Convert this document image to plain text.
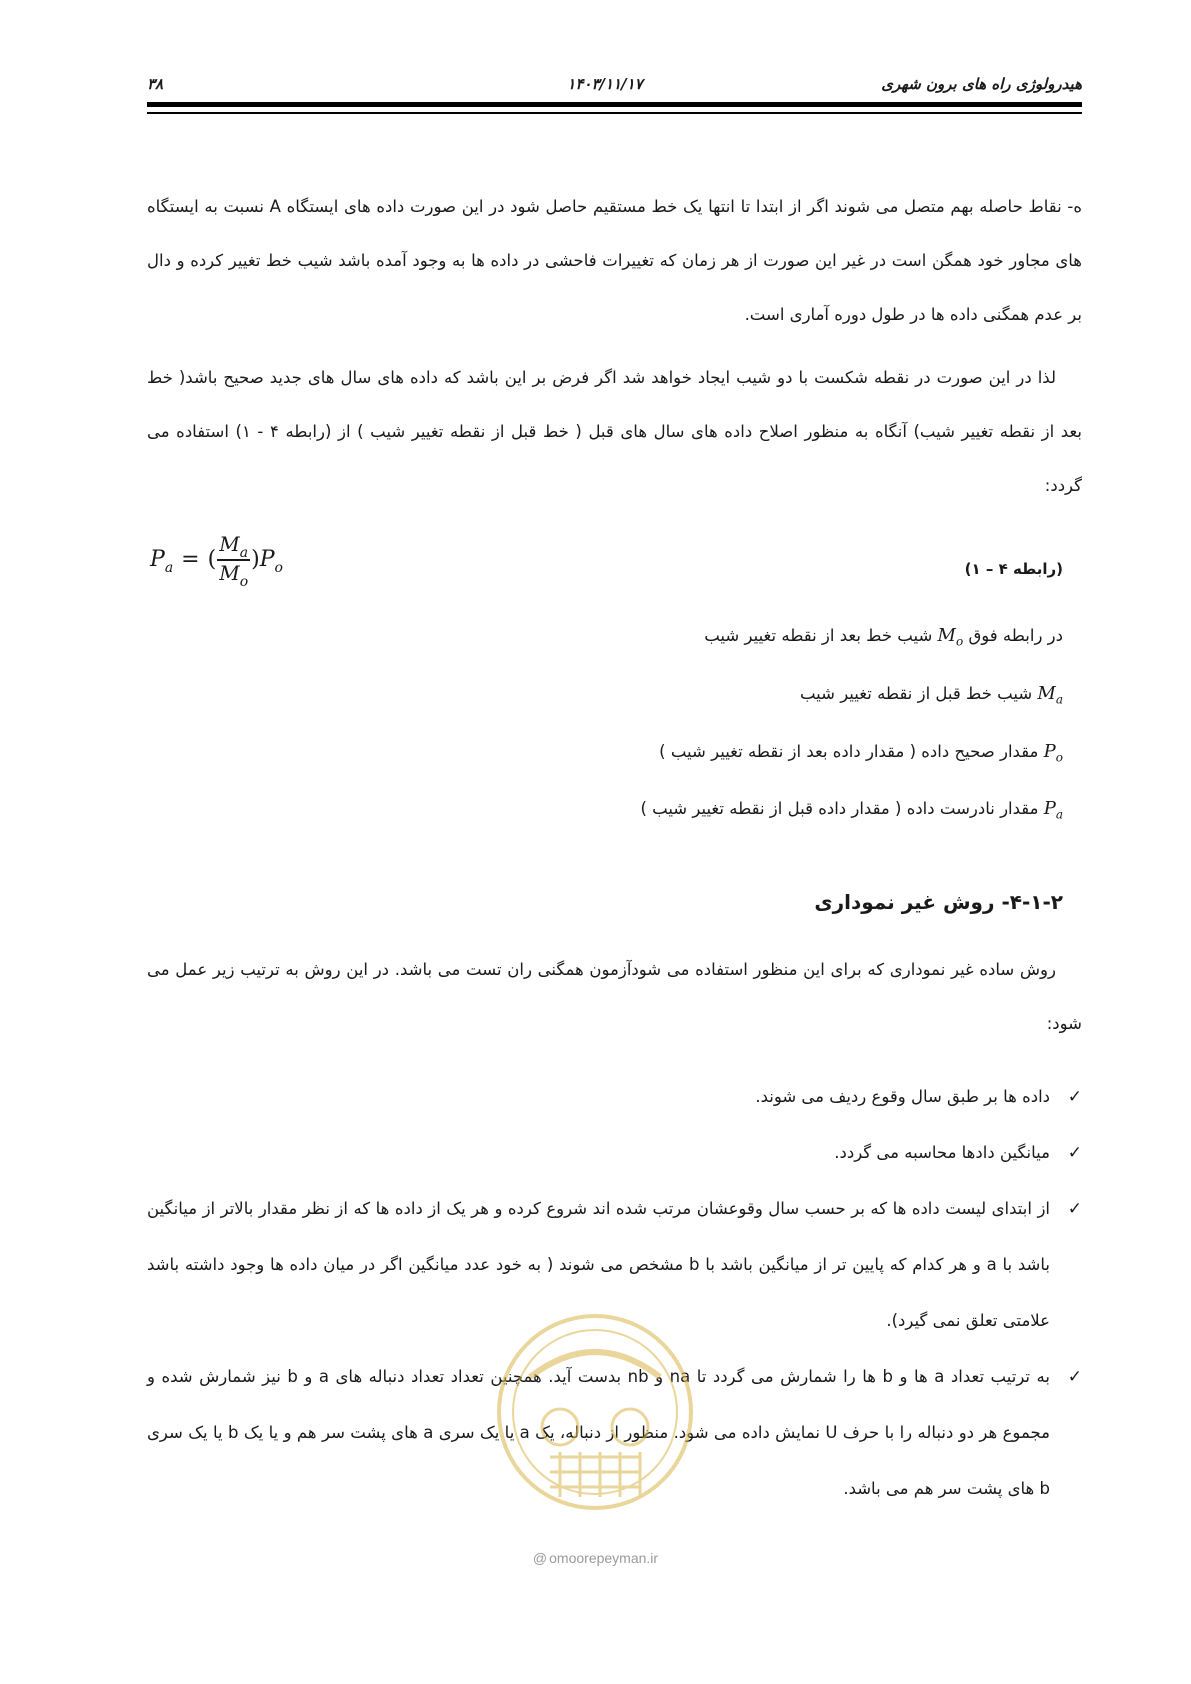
۳۸	۱۴۰۳/۱۱/۱۷	هیدرولوژی راه های برون شهری

ه- نقاط حاصله بهم متصل می شوند اگر از ابتدا تا انتها یک خط مستقیم حاصل شود در این صورت داده های ایستگاه A نسبت به ایستگاه های مجاور خود همگن است در غیر این صورت از هر زمان که تغییرات فاحشی در داده ها به وجود آمده باشد شیب خط تغییر کرده و دال بر عدم همگنی داده ها در طول دوره آماری است.

لذا در این صورت در نقطه شکست با دو شیب ایجاد خواهد شد اگر فرض بر این باشد که داده های سال های جدید صحیح باشد( خط بعد از نقطه تغییر شیب) آنگاه به منظور اصلاح داده های سال های قبل ( خط قبل از نقطه تغییر شیب ) از (رابطه ۴ - ۱) استفاده می گردد:

$P_a$ = ( $\frac{M_a}{M_o}$ ) $P_o$	(رابطه ۴ – ۱)
در رابطه فوق $M_o$ شیب خط بعد از نقطه تغییر شیب
$M_a$ شیب خط قبل از نقطه تغییر شیب
$P_o$ مقدار صحیح داده ( مقدار داده بعد از نقطه تغییر شیب )
$P_a$ مقدار نادرست داده ( مقدار داده قبل از نقطه تغییر شیب )
۴-۱-۲- روش غیر نموداری

روش ساده غیر نموداری که برای این منظور استفاده می شودآزمون همگنی ران تست می باشد. در این روش به ترتیب زیر عمل می شود:

✓
داده ها بر طبق سال وقوع ردیف می شوند.
✓
میانگین دادها محاسبه می گردد.
✓
از ابتدای لیست داده ها که بر حسب سال وقوعشان مرتب شده اند شروع کرده و هر یک از داده ها که از نظر مقدار بالاتر از میانگین باشد با a و هر کدام که پایین تر از میانگین باشد با b مشخص می شوند ( به خود عدد میانگین اگر در میان داده ها وجود داشته باشد علامتی تعلق نمی گیرد).
✓
به ترتیب تعداد a ها و b ها را شمارش می گردد تا na و nb بدست آید. همچنین تعداد تعداد دنباله های a و b نیز شمارش شده و مجموع هر دو دنباله را با حرف U نمایش داده می شود. منظور از دنباله، یک a یا یک سری a های پشت سر هم و یا یک b یا یک سری b های پشت سر هم می باشد.
@ omoorepeyman.ir
